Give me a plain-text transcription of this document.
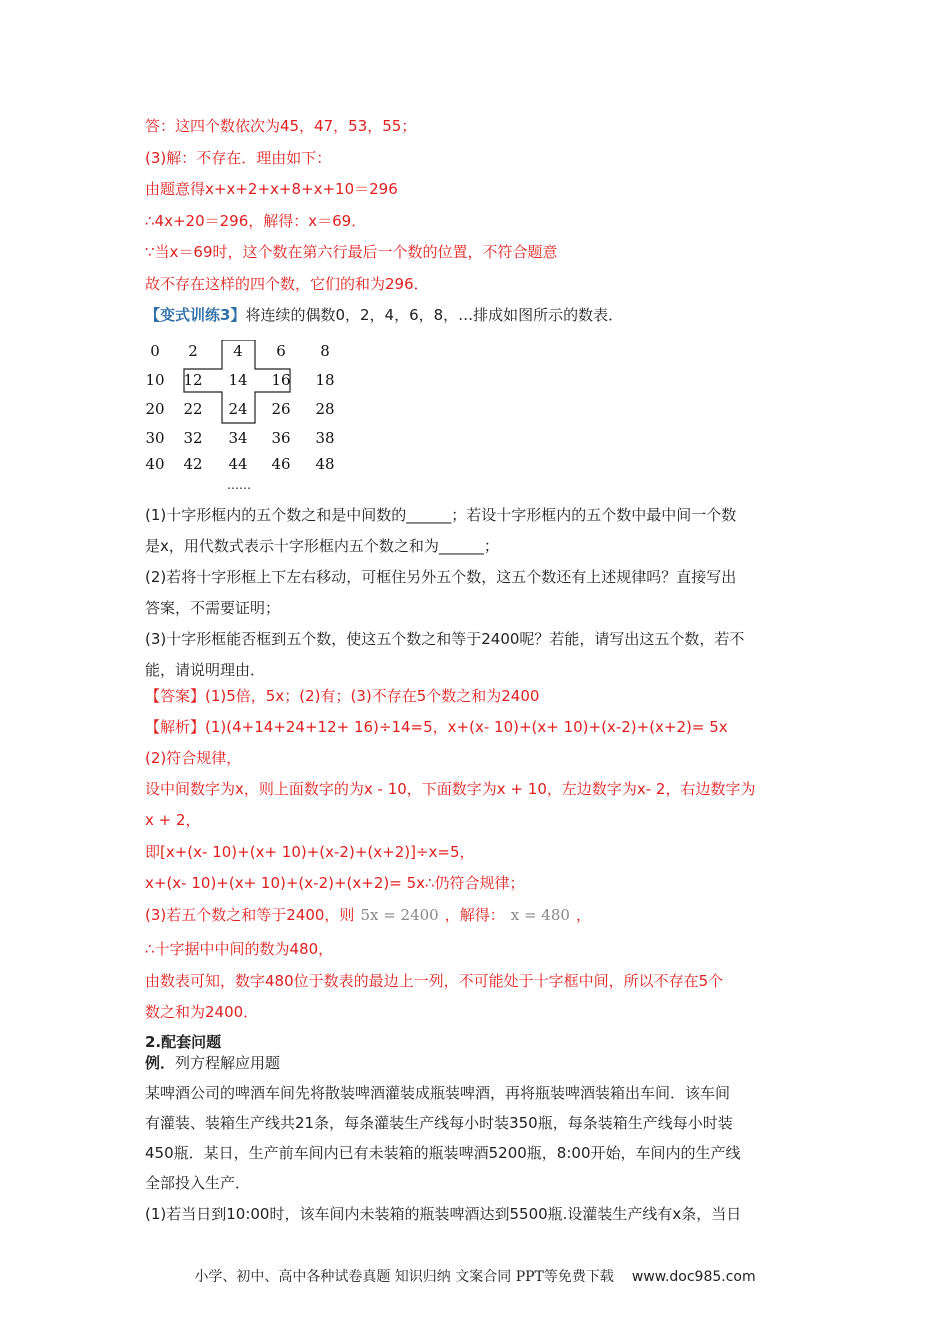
答：这四个数依次为45，47，53，55；
(3)解：不存在．理由如下：
由题意得x+x+2+x+8+x+10＝296
∴4x+20＝296，解得：x＝69．
∵当x＝69时，这个数在第六行最后一个数的位置，不符合题意
故不存在这样的四个数，它们的和为296．
【变式训练3】将连续的偶数0，2，4，6，8，…排成如图所示的数表．
0	2	4	6	8
10	12	14	16	18
20	22	24	26	28
30	32	34	36	38
40	42	44	46	48
……
(1)十字形框内的五个数之和是中间数的______；若设十字形框内的五个数中最中间一个数
是x，用代数式表示十字形框内五个数之和为______；
(2)若将十字形框上下左右移动，可框住另外五个数，这五个数还有上述规律吗？直接写出
答案，不需要证明；
(3)十字形框能否框到五个数，使这五个数之和等于2400呢？若能，请写出这五个数，若不
能，请说明理由．
【答案】(1)5倍，5x；(2)有；(3)不存在5个数之和为2400
【解析】(1)(4+14+24+12+ 16)÷14=5，x+(x- 10)+(x+ 10)+(x-2)+(x+2)= 5x
(2)符合规律，
设中间数字为x，则上面数字的为x - 10，下面数字为x + 10，左边数字为x- 2，右边数字为
x + 2，
即[x+(x- 10)+(x+ 10)+(x-2)+(x+2)]÷x=5，
x+(x- 10)+(x+ 10)+(x-2)+(x+2)= 5x∴仍符合规律；
(3)若五个数之和等于2400，则 5x = 2400 ，解得： x = 480 ，
∴十字据中中间的数为480，
由数表可知，数字480位于数表的最边上一列，不可能处于十字框中间，所以不存在5个
数之和为2400．
2.配套问题
例．列方程解应用题
某啤酒公司的啤酒车间先将散装啤酒灌装成瓶装啤酒，再将瓶装啤酒装箱出车间．该车间
有灌装、装箱生产线共21条，每条灌装生产线每小时装350瓶，每条装箱生产线每小时装
450瓶．某日，生产前车间内已有未装箱的瓶装啤酒5200瓶，8:00开始，车间内的生产线
全部投入生产．
(1)若当日到10:00时，该车间内未装箱的瓶装啤酒达到5500瓶.设灌装生产线有x条，当日
小学、初中、高中各种试卷真题 知识归纳 文案合同 PPT等免费下载 www.doc985.com
